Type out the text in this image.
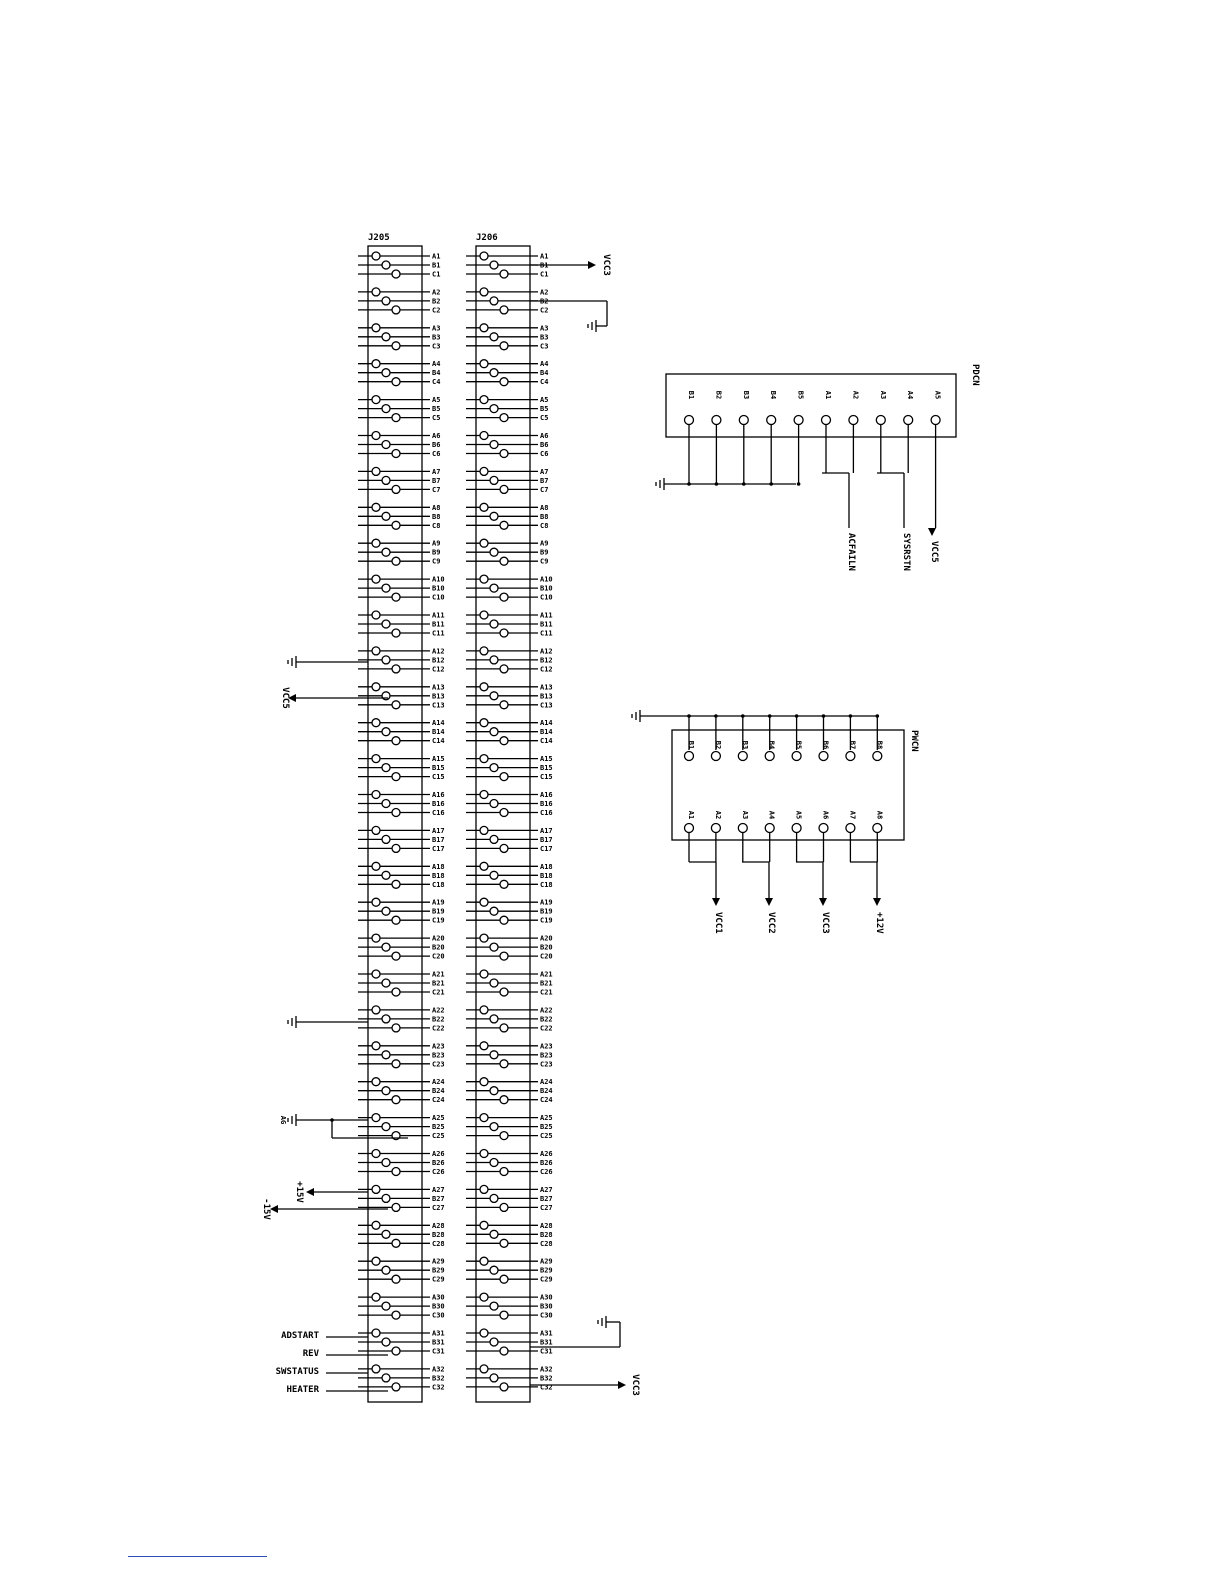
J205	J206
A1	A1
B1	B1
C1	C1
A2	A2
B2	B2
C2	C2
A3	A3
B3	B3
C3	C3
A4	A4
B4	B4
C4	C4
A5	A5
B5	B5
C5	C5
A6	A6
B6	B6
C6	C6
A7	A7
B7	B7
C7	C7
A8	A8
B8	B8
C8	C8
A9	A9
B9	B9
C9	C9
A10	A10
B10	B10
C10	C10
A11	A11
B11	B11
C11	C11
A12	A12
B12	B12
C12	C12
A13	A13
B13	B13
C13	C13
A14	A14
B14	B14
C14	C14
A15	A15
B15	B15
C15	C15
A16	A16
B16	B16
C16	C16
A17	A17
B17	B17
C17	C17
A18	A18
B18	B18
C18	C18
A19	A19
B19	B19
C19	C19
A20	A20
B20	B20
C20	C20
A21	A21
B21	B21
C21	C21
A22	A22
B22	B22
C22	C22
A23	A23
B23	B23
C23	C23
A24	A24
B24	B24
C24	C24
A25	A25
B25	B25
C25	C25
A26	A26
B26	B26
C26	C26
A27	A27
B27	B27
C27	C27
A28	A28
B28	B28
C28	C28
A29	A29
B29	B29
C29	C29
A30	A30
B30	B30
C30	C30
A31	A31
B31	B31
C31	C31
A32	A32
B32	B32
C32	C32
VCC5
AG
+15V
-15V
ADSTART
REV
SWSTATUS
HEATER
VCC3
VCC3
PDCN
B1	B2	B3	B4	B5	A1	A2	A3	A4	A5
ACFAILN	SYSRSTN VCC5
PWCN
B1	B2	B3	B4	B5	B6	B7	B8
A1	A2	A3	A4	A5	A6	A7	A8
VCC1	VCC2	VCC3	+12V
